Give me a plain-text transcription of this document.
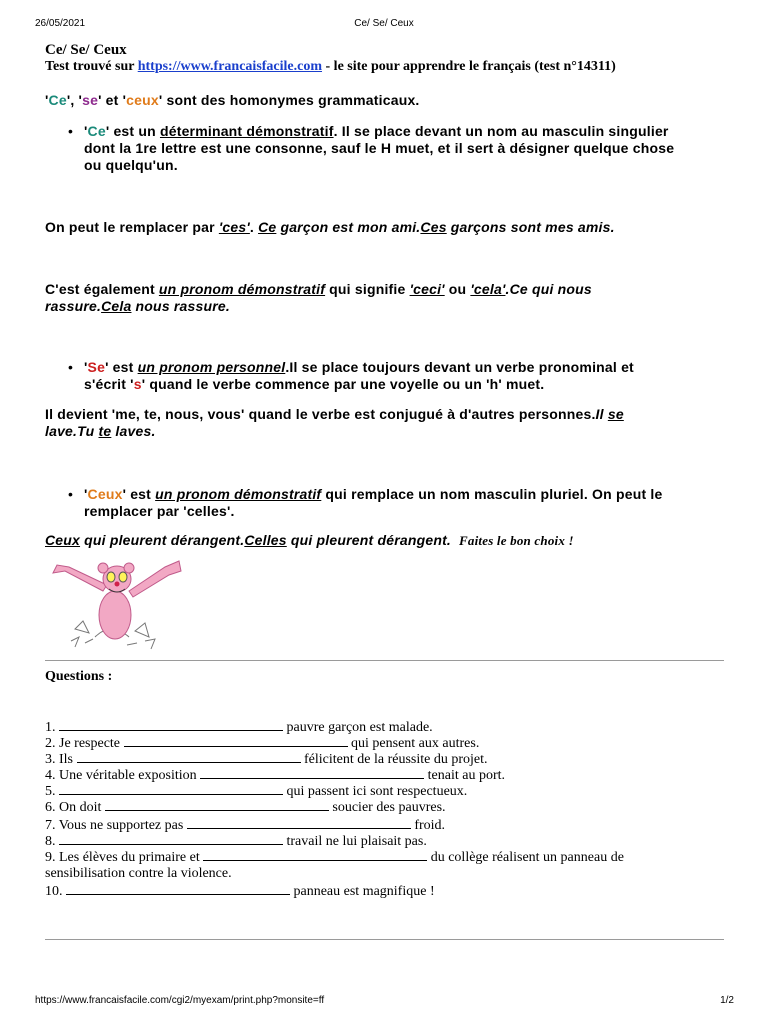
26/05/2021	Ce/ Se/ Ceux
Ce/ Se/ Ceux
Test trouvé sur https://www.francaisfacile.com - le site pour apprendre le français (test n°14311)
'Ce', 'se' et 'ceux' sont des homonymes grammaticaux.
• 'Ce' est un déterminant démonstratif. Il se place devant un nom au masculin singulier
dont la 1re lettre est une consonne, sauf le H muet, et il sert à désigner quelque chose
ou quelqu'un.
On peut le remplacer par 'ces'. Ce garçon est mon ami.Ces garçons sont mes amis.
C'est également un pronom démonstratif qui signifie 'ceci' ou 'cela'.Ce qui nous
rassure.Cela nous rassure.
• 'Se' est un pronom personnel.Il se place toujours devant un verbe pronominal et
s'écrit 's' quand le verbe commence par une voyelle ou un 'h' muet.
Il devient 'me, te, nous, vous' quand le verbe est conjugué à d'autres personnes.Il se
lave.Tu te laves.
• 'Ceux' est un pronom démonstratif qui remplace un nom masculin pluriel. On peut le
remplacer par 'celles'.
Ceux qui pleurent dérangent.Celles qui pleurent dérangent. Faites le bon choix !
Questions :
1.	pauvre garçon est malade.
2. Je respecte	qui pensent aux autres.
3. Ils	félicitent de la réussite du projet.
4. Une véritable exposition	tenait au port.
5.	qui passent ici sont respectueux.
6. On doit	soucier des pauvres.
7. Vous ne supportez pas	froid.
8.	travail ne lui plaisait pas.
9. Les élèves du primaire et	du collège réalisent un panneau de
sensibilisation contre la violence.
10.	panneau est magnifique !
https://www.francaisfacile.com/cgi2/myexam/print.php?monsite=ff	1/2
